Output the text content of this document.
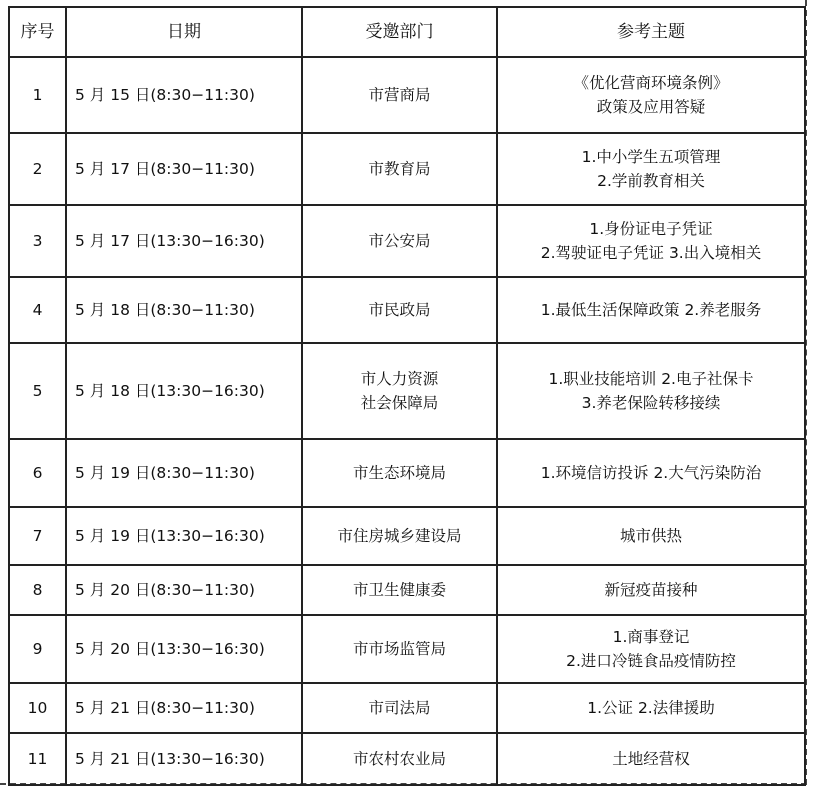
序号	日期	受邀部门	参考主题
1	5 月 15 日(8:30−11:30)	市营商局	《优化营商环境条例》
政策及应用答疑

2	5 月 17 日(8:30−11:30)	市教育局	1.中小学生五项管理
2.学前教育相关

3	5 月 17 日(13:30−16:30)	市公安局	1.身份证电子凭证
2.驾驶证电子凭证 3.出入境相关

4	5 月 18 日(8:30−11:30)	市民政局	1.最低生活保障政策 2.养老服务

5	5 月 18 日(13:30−16:30)	市人力资源
社会保障局	1.职业技能培训 2.电子社保卡
3.养老保险转移接续

6	5 月 19 日(8:30−11:30)	市生态环境局	1.环境信访投诉 2.大气污染防治

7	5 月 19 日(13:30−16:30)	市住房城乡建设局	城市供热

8	5 月 20 日(8:30−11:30)	市卫生健康委	新冠疫苗接种

9	5 月 20 日(13:30−16:30)	市市场监管局	1.商事登记
2.进口冷链食品疫情防控

10	5 月 21 日(8:30−11:30)	市司法局	1.公证 2.法律援助

11	5 月 21 日(13:30−16:30)	市农村农业局	土地经营权
